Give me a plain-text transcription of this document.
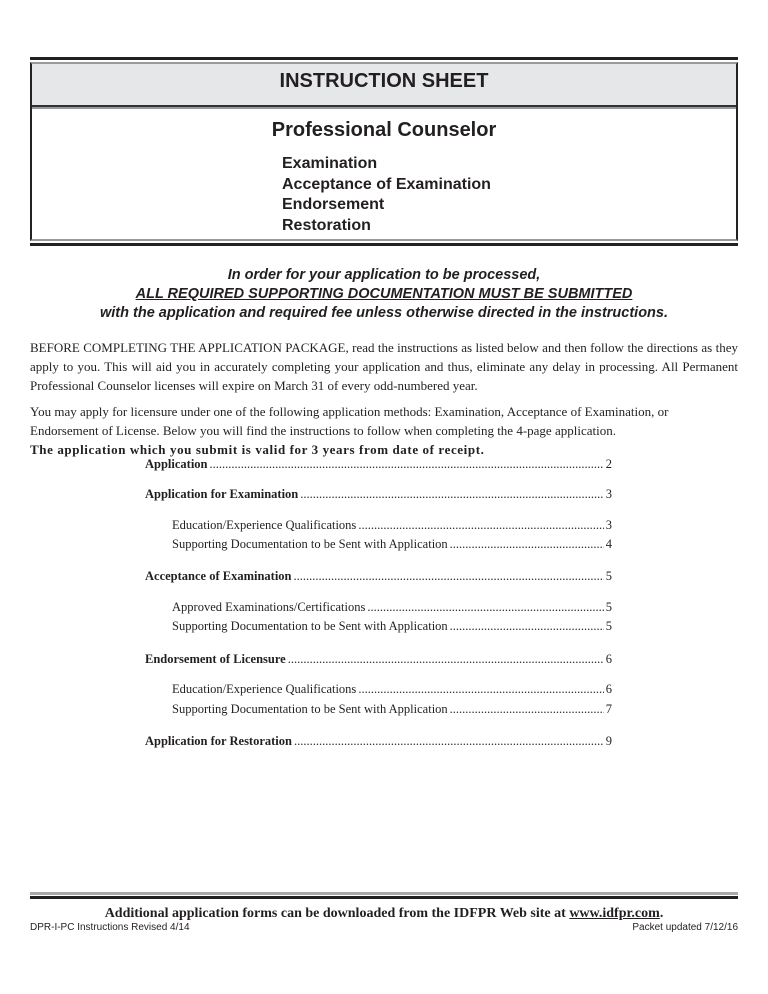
INSTRUCTION SHEET
Professional Counselor
Examination
Acceptance of Examination
Endorsement
Restoration
In order for your application to be processed,
ALL REQUIRED SUPPORTING DOCUMENTATION MUST BE SUBMITTED
with the application and required fee unless otherwise directed in the instructions.
BEFORE COMPLETING THE APPLICATION PACKAGE, read the instructions as listed below and then follow the directions as they apply to you. This will aid you in accurately completing your application and thus, eliminate any delay in processing. All Permanent Professional Counselor licenses will expire on March 31 of every odd-numbered year.
You may apply for licensure under one of the following application methods: Examination, Acceptance of Examination, or Endorsement of License. Below you will find the instructions to follow when completing the 4-page application.
The application which you submit is valid for 3 years from date of receipt.
Application .....	2
Application for Examination .....	3
Education/Experience Qualifications .....	3
Supporting Documentation to be Sent with Application .....	4
Acceptance of Examination .....	5
Approved Examinations/Certifications .....	5
Supporting Documentation to be Sent with Application .....	5
Endorsement of Licensure .....	6
Education/Experience Qualifications .....	6
Supporting Documentation to be Sent with Application .....	7
Application for Restoration .....	9
Additional application forms can be downloaded from the IDFPR Web site at www.idfpr.com.
DPR-I-PC Instructions Revised 4/14	Packet updated 7/12/16
